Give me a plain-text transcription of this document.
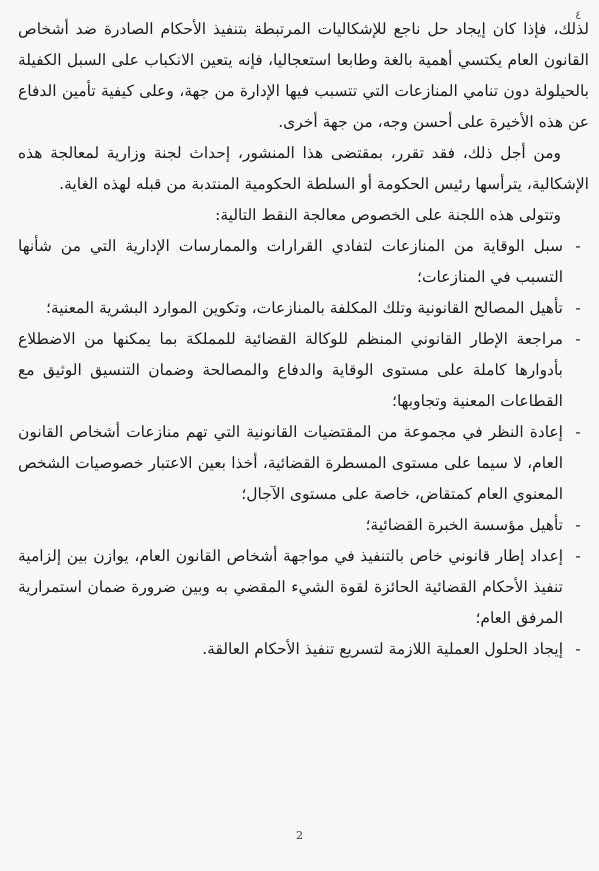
٤

لذلك، فإذا كان إيجاد حل ناجع للإشكاليات المرتبطة بتنفيذ الأحكام الصادرة ضد أشخاص القانون العام يكتسي أهمية بالغة وطابعا استعجاليا، فإنه يتعين الانكباب على السبل الكفيلة بالحيلولة دون تنامي المنازعات التي تتسبب فيها الإدارة من جهة، وعلى كيفية تأمين الدفاع عن هذه الأخيرة على أحسن وجه، من جهة أخرى.

ومن أجل ذلك، فقد تقرر، بمقتضى هذا المنشور، إحداث لجنة وزارية لمعالجة هذه الإشكالية، يترأسها رئيس الحكومة أو السلطة الحكومية المنتدبة من قبله لهذه الغاية.

وتتولى هذه اللجنة على الخصوص معالجة النقط التالية:

-
سبل الوقاية من المنازعات لتفادي القرارات والممارسات الإدارية التي من شأنها التسبب في المنازعات؛
-
تأهيل المصالح القانونية وتلك المكلفة بالمنازعات، وتكوين الموارد البشرية المعنية؛
-
مراجعة الإطار القانوني المنظم للوكالة القضائية للمملكة بما يمكنها من الاضطلاع بأدوارها كاملة على مستوى الوقاية والدفاع والمصالحة وضمان التنسيق الوثيق مع القطاعات المعنية وتجاوبها؛
-
إعادة النظر في مجموعة من المقتضيات القانونية التي تهم منازعات أشخاص القانون العام، لا سيما على مستوى المسطرة القضائية، أخذا بعين الاعتبار خصوصيات الشخص المعنوي العام كمتقاض، خاصة على مستوى الآجال؛
-
تأهيل مؤسسة الخبرة القضائية؛
-
إعداد إطار قانوني خاص بالتنفيذ في مواجهة أشخاص القانون العام، يوازن بين إلزامية تنفيذ الأحكام القضائية الحائزة لقوة الشيء المقضي به وبين ضرورة ضمان استمرارية المرفق العام؛
-
إيجاد الحلول العملية اللازمة لتسريع تنفيذ الأحكام العالقة.
2
